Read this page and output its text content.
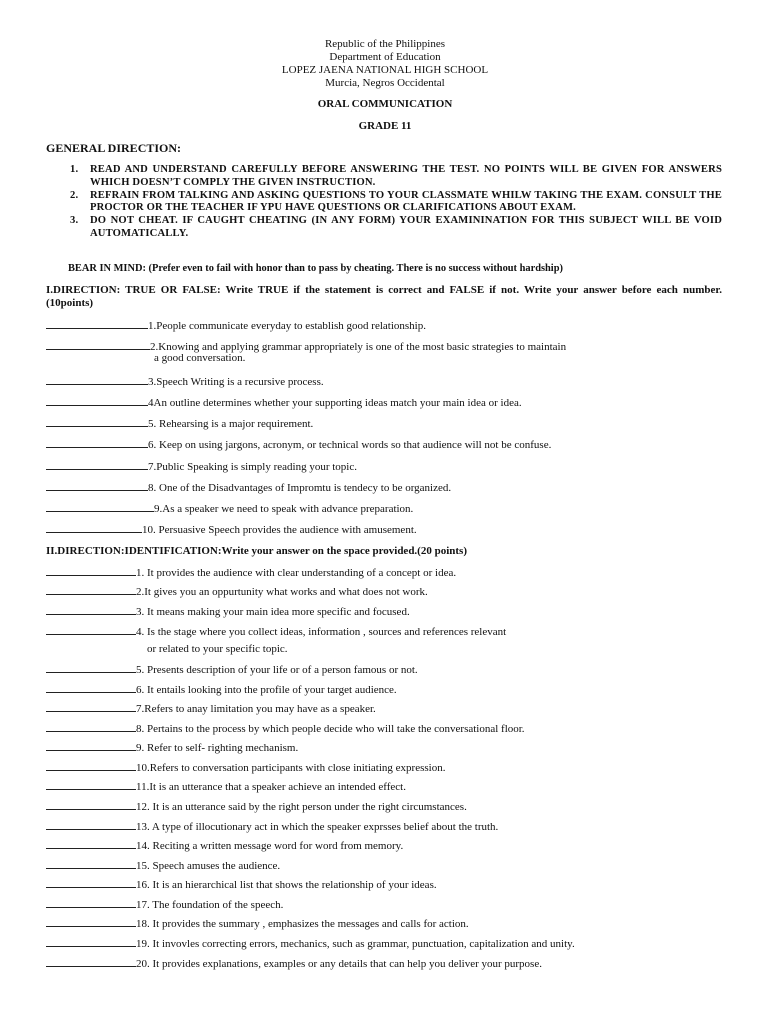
Republic of the Philippines
Department of Education
LOPEZ JAENA NATIONAL HIGH SCHOOL
Murcia, Negros Occidental
ORAL COMMUNICATION
GRADE 11
GENERAL DIRECTION:
1. READ AND UNDERSTAND CAREFULLY BEFORE ANSWERING THE TEST. NO POINTS WILL BE GIVEN FOR ANSWERS WHICH DOESN’T COMPLY THE GIVEN INSTRUCTION.
2. REFRAIN FROM TALKING AND ASKING QUESTIONS TO YOUR CLASSMATE WHILW TAKING THE EXAM. CONSULT THE PROCTOR OR THE TEACHER IF YPU HAVE QUESTIONS OR CLARIFICATIONS ABOUT EXAM.
3. DO NOT CHEAT. IF CAUGHT CHEATING (IN ANY FORM) YOUR EXAMININATION FOR THIS SUBJECT WILL BE VOID AUTOMATICALLY.
BEAR IN MIND: (Prefer even to fail with honor than to pass by cheating. There is no success without hardship)
I.DIRECTION: TRUE OR FALSE: Write TRUE if the statement is correct and FALSE if not. Write your answer before each number.(10points)
1.People communicate everyday to establish good relationship.
2.Knowing and applying grammar appropriately is one of the most basic strategies to maintain
a good conversation.
3.Speech Writing is a recursive process.
4An outline determines whether your supporting ideas match your main idea or idea.
5. Rehearsing is a major requirement.
6. Keep on using jargons, acronym, or technical words so that audience will not be confuse.
7.Public Speaking is simply reading your topic.
8. One of the Disadvantages of Impromtu is tendecy to be organized.
9.As a speaker we need to speak with advance preparation.
10. Persuasive Speech provides the audience with amusement.
II.DIRECTION:IDENTIFICATION:Write your answer on the space provided.(20 points)
1. It provides the audience with clear understanding of a concept or idea.
2.It gives you an oppurtunity what works and what does not work.
3. It means making your main idea more specific and focused.
4. Is the stage where you collect ideas, information , sources and references relevant
or related to your specific topic.
5. Presents description of your life or of a person famous or not.
6. It entails looking into the profile of your target audience.
7.Refers to anay limitation you may have as a speaker.
8. Pertains to the process by which people decide who will take the conversational floor.
9. Refer to self- righting mechanism.
10.Refers to conversation participants with close initiating expression.
11.It is an utterance that a speaker achieve an intended effect.
12. It is an utterance said by the right person under the right circumstances.
13. A type of illocutionary act in which the speaker exprsses belief about the truth.
14. Reciting a written message word for word from memory.
15. Speech amuses the audience.
16. It is an hierarchical list that shows the relationship of your ideas.
17. The foundation of the speech.
18. It provides the summary , emphasizes the messages and calls for action.
19. It invovles correcting errors, mechanics, such as grammar, punctuation, capitalization and unity.
20. It provides explanations, examples or any details that can help you deliver your purpose.
